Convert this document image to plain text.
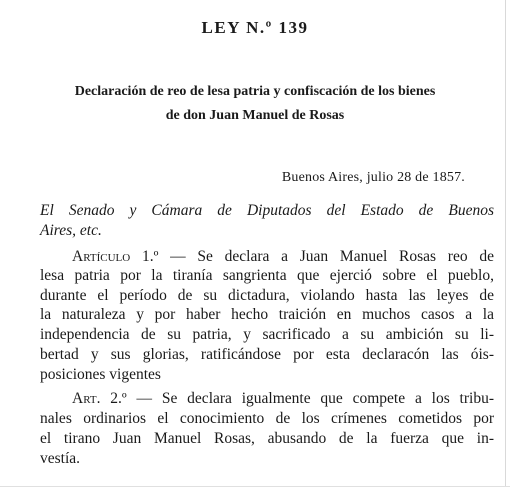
LEY N.º 139
Declaración de reo de lesa patria y confiscación de los bienes
de don Juan Manuel de Rosas
Buenos Aires, julio 28 de 1857.
El Senado y Cámara de Diputados del Estado de Buenos
Aires, etc.
Artículo 1.º — Se declara a Juan Manuel Rosas reo de
lesa patria por la tiranía sangrienta que ejerció sobre el pueblo,
durante el período de su dictadura, violando hasta las leyes de
la naturaleza y por haber hecho traición en muchos casos a la
independencia de su patria, y sacrificado a su ambición su li-
bertad y sus glorias, ratificándose por esta declaracón las óis-
posiciones vigentes
Art. 2.º — Se declara igualmente que compete a los tribu-
nales ordinarios el conocimiento de los crímenes cometidos por
el tirano Juan Manuel Rosas, abusando de la fuerza que in-
vestía.
